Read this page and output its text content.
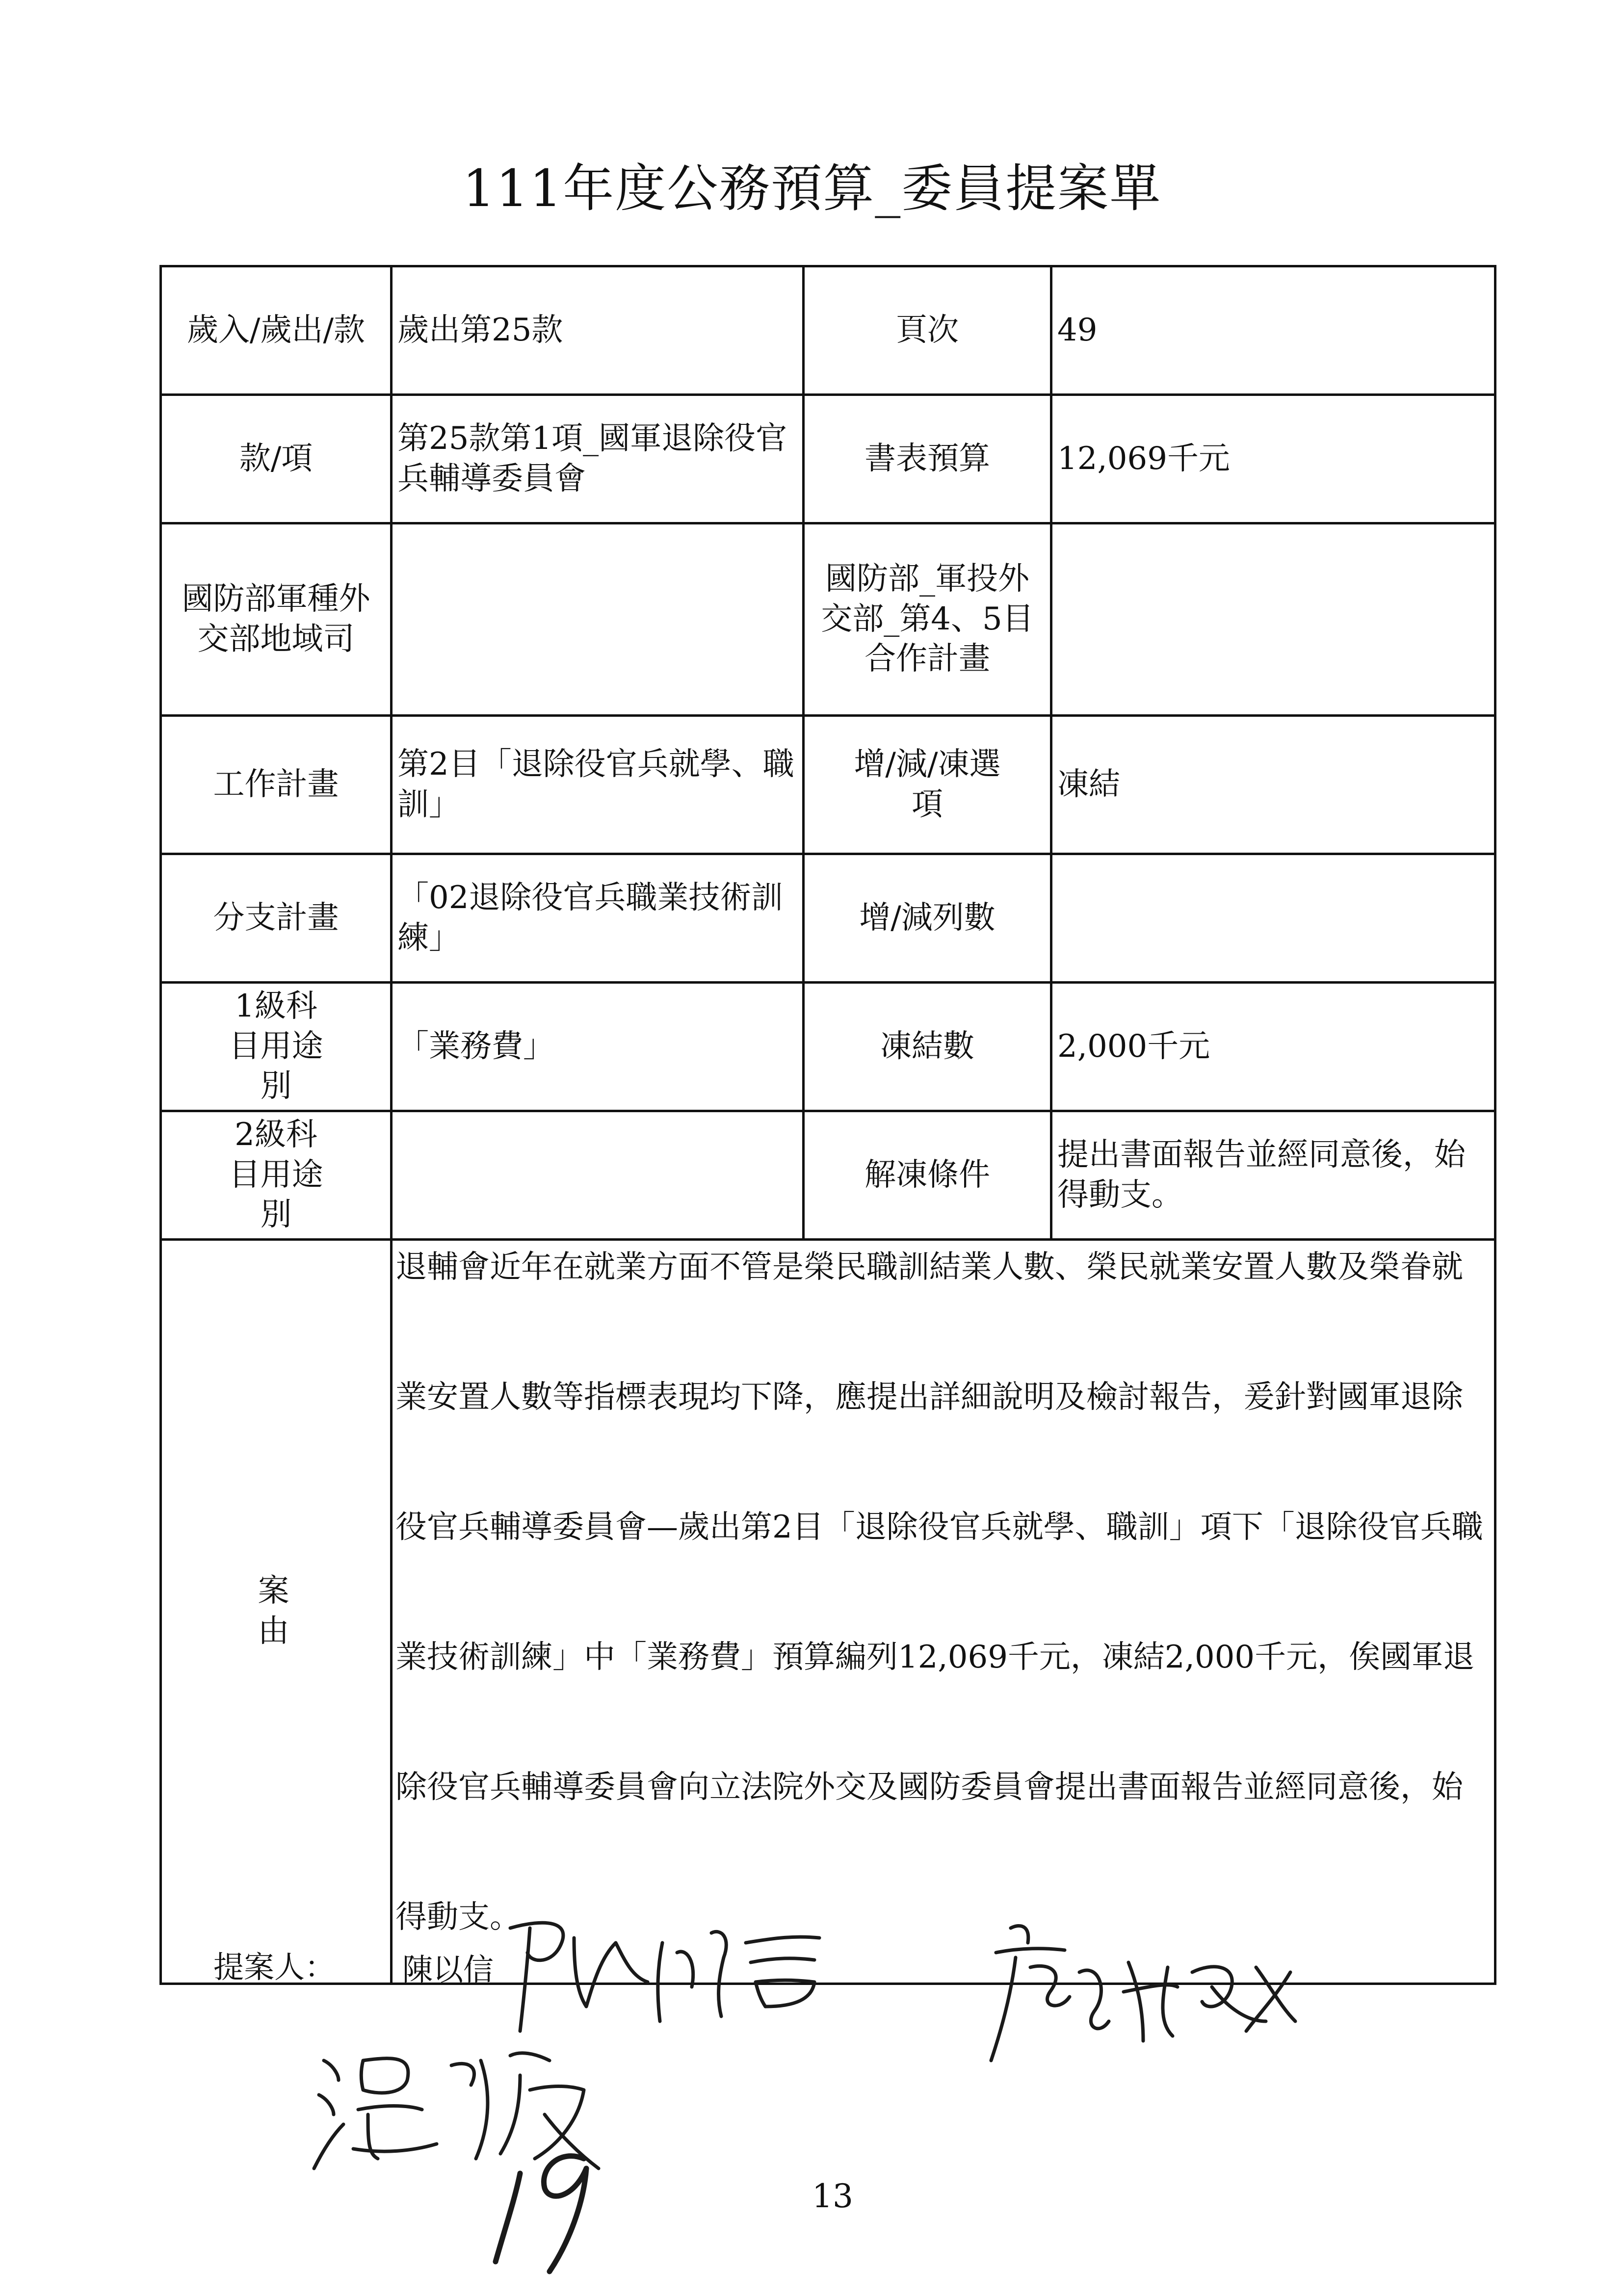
111年度公務預算_委員提案單
歲入/歲出/款	歲出第25款	頁次	49
款/項	第25款第1項_國軍退除役官兵輔導委員會	書表預算	12,069千元
國防部軍種外交部地域司		國防部_軍投外交部_第4、5目合作計畫	
工作計畫	第2目「退除役官兵就學、職訓」	增/減/凍選項	凍結
分支計畫	「02退除役官兵職業技術訓練」	增/減列數	
1級科目用途別	「業務費」	凍結數	2,000千元
2級科目用途別		解凍條件	提出書面報告並經同意後，始得動支。
案由	退輔會近年在就業方面不管是榮民職訓結業人數、榮民就業安置人數及榮眷就業安置人數等指標表現均下降，應提出詳細說明及檢討報告，爰針對國軍退除役官兵輔導委員會—歲出第2目「退除役官兵就學、職訓」項下「退除役官兵職業技術訓練」中「業務費」預算編列12,069千元，凍結2,000千元，俟國軍退除役官兵輔導委員會向立法院外交及國防委員會提出書面報告並經同意後，始得動支。		
提案人： 陳以信
13
